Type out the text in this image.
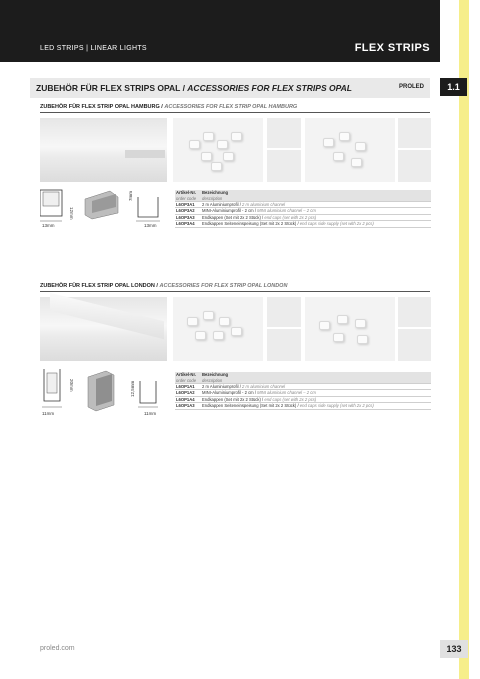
LED STRIPS | LINEAR LIGHTS	FLEX STRIPS
1.1
ZUBEHÖR FÜR FLEX STRIPS OPAL / ACCESSORIES FOR FLEX STRIPS OPAL	PROLED
ZUBEHÖR FÜR FLEX STRIP OPAL HAMBURG / ACCESSORIES FOR FLEX STRIP OPAL HAMBURG
13mm
12mm
7mm
13mm
Artikel-Nr.
order code
Bezeichnung
description
L6OP3A1	2 m Aluminiumprofil / 2 m aluminium channel
L6OP3A2	MINI-Aluminiumprofil - 2 cm / MINI aluminium channel – 2 cm
L6OP3A3	Endkappen (Set mit 2x 2 Stück) / end caps (set with 2x 2 pcs)
L6OP3A4	Endkappen Seiteneinspeisung (Set mit 2x 2 Stück) / end caps side supply (set with 2x 2 pcs)
ZUBEHÖR FÜR FLEX STRIP OPAL LONDON / ACCESSORIES FOR FLEX STRIP OPAL LONDON
11mm
20mm	12,5mm
11mm
Artikel-Nr.
order code
Bezeichnung
description
L6OP1A1	2 m Aluminiumprofil / 2 m aluminium channel
L6OP1A2	MINI-Aluminiumprofil - 2 cm / MINI aluminium channel – 2 cm
L6OP1A4	Endkappen (Set mit 2x 2 Stück) / end caps (set with 2x 2 pcs)
L6OP1A3	Endkappen Seiteneinspeisung (Set mit 2x 2 Stück) / end caps side supply (set with 2x 2 pcs)
proled.com	133
